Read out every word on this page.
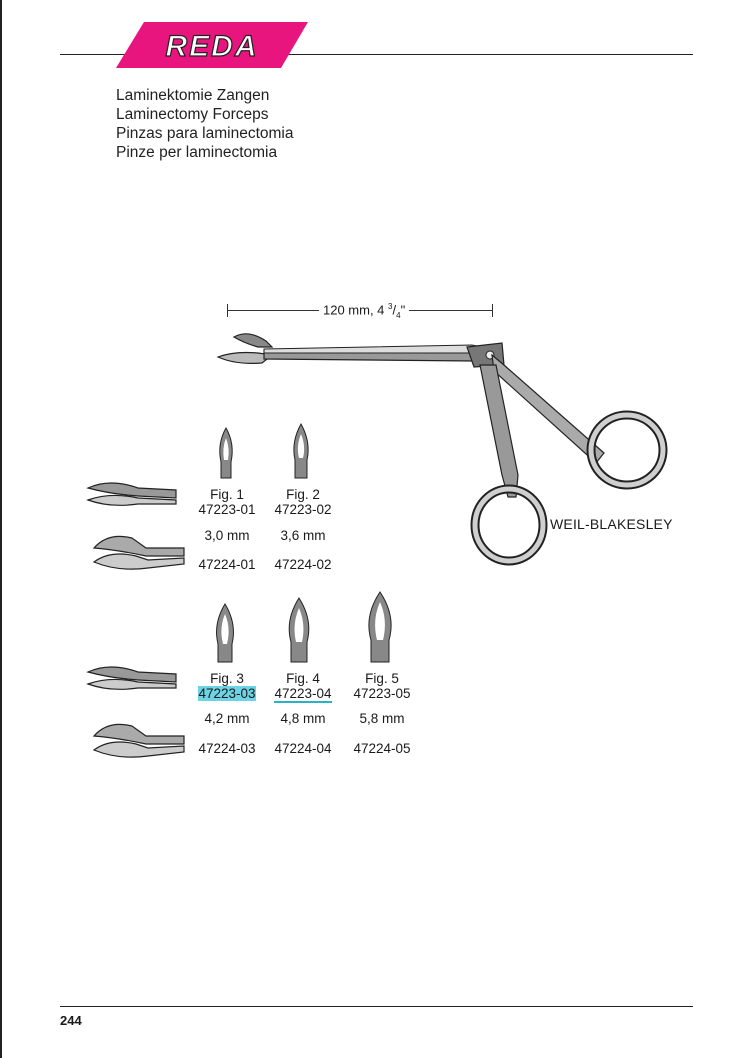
REDA
Laminektomie Zangen
Laminectomy Forceps
Pinzas para laminectomia
Pinze per laminectomia
120 mm, 4 $^3/_4$"
WEIL-BLAKESLEY
Fig. 1	Fig. 2
47223-01	47223-02
3,0 mm	3,6 mm
47224-01	47224-02
Fig. 3	Fig. 4	Fig. 5
47223-03	47223-04	47223-05
4,2 mm	4,8 mm	5,8 mm
47224-03	47224-04	47224-05
244
